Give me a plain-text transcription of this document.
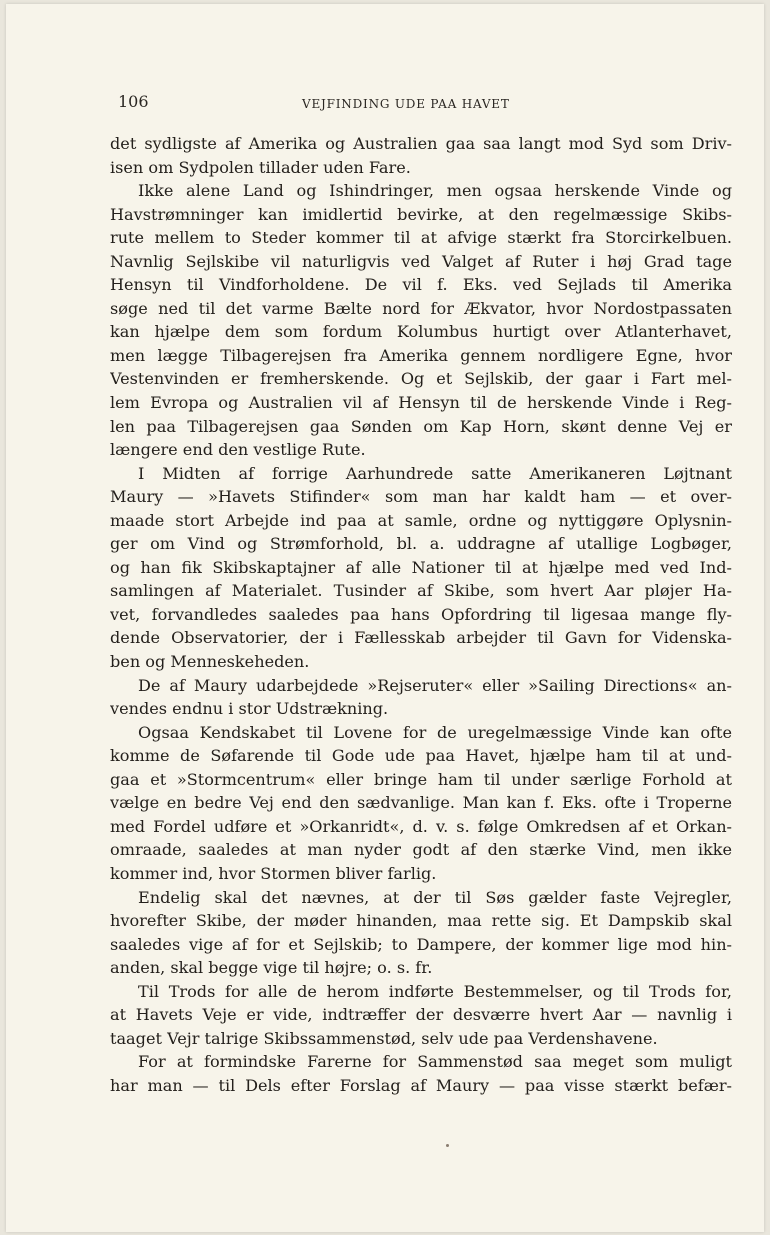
106	VEJFINDING UDE PAA HAVET
det sydligste af Amerika og Australien gaa saa langt mod Syd som Driv-
isen om Sydpolen tillader uden Fare.
Ikke alene Land og Ishindringer, men ogsaa herskende Vinde og
Havstrømninger kan imidlertid bevirke, at den regelmæssige Skibs-
rute mellem to Steder kommer til at afvige stærkt fra Storcirkelbuen.
Navnlig Sejlskibe vil naturligvis ved Valget af Ruter i høj Grad tage
Hensyn til Vindforholdene. De vil f. Eks. ved Sejlads til Amerika
søge ned til det varme Bælte nord for Ækvator, hvor Nordostpassaten
kan hjælpe dem som fordum Kolumbus hurtigt over Atlanterhavet,
men lægge Tilbagerejsen fra Amerika gennem nordligere Egne, hvor
Vestenvinden er fremherskende. Og et Sejlskib, der gaar i Fart mel-
lem Evropa og Australien vil af Hensyn til de herskende Vinde i Reg-
len paa Tilbagerejsen gaa Sønden om Kap Horn, skønt denne Vej er
længere end den vestlige Rute.
I Midten af forrige Aarhundrede satte Amerikaneren Løjtnant
Maury — »Havets Stifinder« som man har kaldt ham — et over-
maade stort Arbejde ind paa at samle, ordne og nyttiggøre Oplysnin-
ger om Vind og Strømforhold, bl. a. uddragne af utallige Logbøger,
og han fik Skibskaptajner af alle Nationer til at hjælpe med ved Ind-
samlingen af Materialet. Tusinder af Skibe, som hvert Aar pløjer Ha-
vet, forvandledes saaledes paa hans Opfordring til ligesaa mange fly-
dende Observatorier, der i Fællesskab arbejder til Gavn for Videnska-
ben og Menneskeheden.
De af Maury udarbejdede »Rejseruter« eller »Sailing Directions« an-
vendes endnu i stor Udstrækning.
Ogsaa Kendskabet til Lovene for de uregelmæssige Vinde kan ofte
komme de Søfarende til Gode ude paa Havet, hjælpe ham til at und-
gaa et »Stormcentrum« eller bringe ham til under særlige Forhold at
vælge en bedre Vej end den sædvanlige. Man kan f. Eks. ofte i Troperne
med Fordel udføre et »Orkanridt«, d. v. s. følge Omkredsen af et Orkan-
omraade, saaledes at man nyder godt af den stærke Vind, men ikke
kommer ind, hvor Stormen bliver farlig.
Endelig skal det nævnes, at der til Søs gælder faste Vejregler,
hvorefter Skibe, der møder hinanden, maa rette sig. Et Dampskib skal
saaledes vige af for et Sejlskib; to Dampere, der kommer lige mod hin-
anden, skal begge vige til højre; o. s. fr.
Til Trods for alle de herom indførte Bestemmelser, og til Trods for,
at Havets Veje er vide, indtræffer der desværre hvert Aar — navnlig i
taaget Vejr talrige Skibssammenstød, selv ude paa Verdenshavene.
For at formindske Farerne for Sammenstød saa meget som muligt
har man — til Dels efter Forslag af Maury — paa visse stærkt befær-
